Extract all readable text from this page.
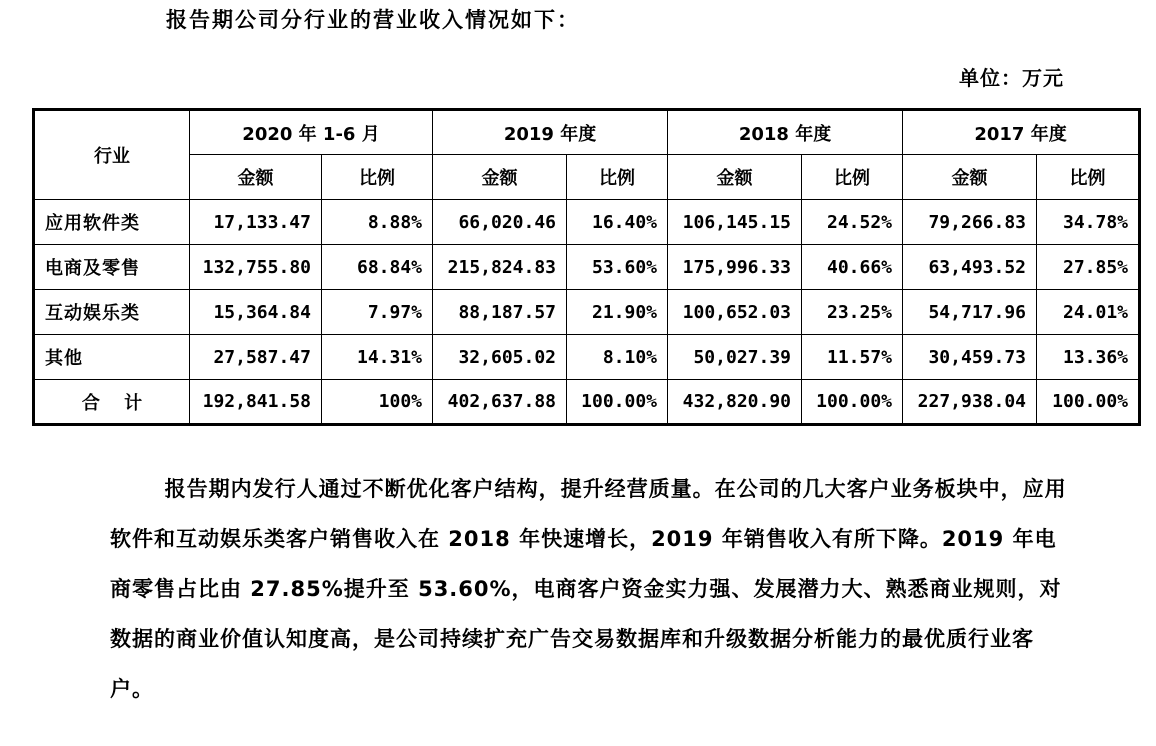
报告期公司分行业的营业收入情况如下：
单位：万元
行业	2020 年 1-6 月		2019 年度		2018 年度		2017 年度	
	金额	比例	金额	比例	金额	比例	金额	比例
应用软件类	17,133.47	8.88%	66,020.46	16.40%	106,145.15	24.52%	79,266.83	34.78%
电商及零售	132,755.80	68.84%	215,824.83	53.60%	175,996.33	40.66%	63,493.52	27.85%
互动娱乐类	15,364.84	7.97%	88,187.57	21.90%	100,652.03	23.25%	54,717.96	24.01%
其他	27,587.47	14.31%	32,605.02	8.10%	50,027.39	11.57%	30,459.73	13.36%
合 计	192,841.58	100%	402,637.88	100.00%	432,820.90	100.00%	227,938.04	100.00%

报告期内发行人通过不断优化客户结构，提升经营质量。在公司的几大客户业务板块中，应用软件和互动娱乐类客户销售收入在 2018 年快速增长，2019 年销售收入有所下降。2019 年电商零售占比由 27.85%提升至 53.60%，电商客户资金实力强、发展潜力大、熟悉商业规则，对数据的商业价值认知度高，是公司持续扩充广告交易数据库和升级数据分析能力的最优质行业客户。
